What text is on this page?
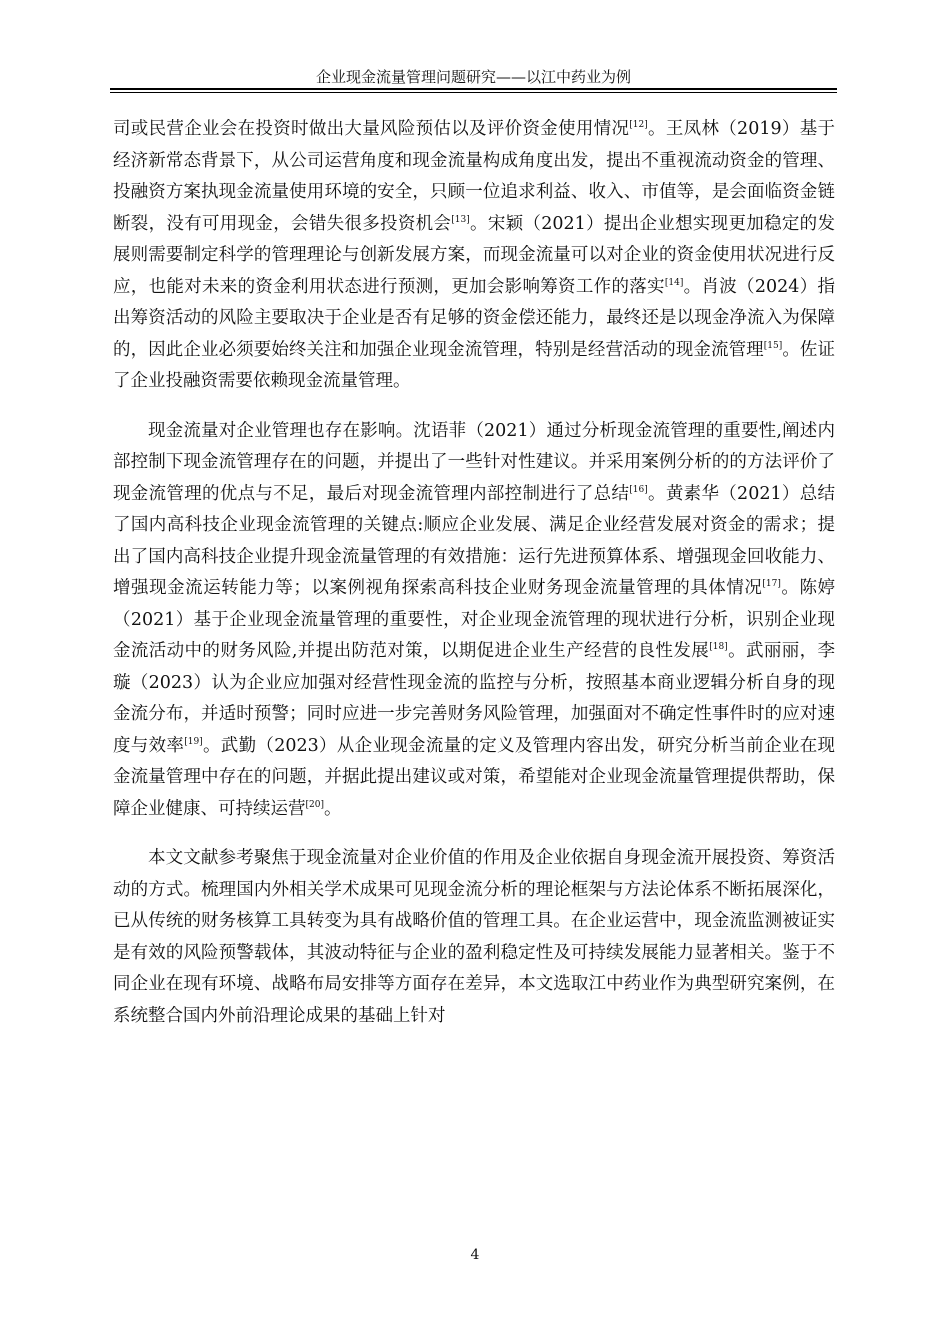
企业现金流量管理问题研究——以江中药业为例

司或民营企业会在投资时做出大量风险预估以及评价资金使用情况[12]。王凤林（2019）基于经济新常态背景下，从公司运营角度和现金流量构成角度出发，提出不重视流动资金的管理、投融资方案执现金流量使用环境的安全，只顾一位追求利益、收入、市值等，是会面临资金链断裂，没有可用现金，会错失很多投资机会[13]。宋颖（2021）提出企业想实现更加稳定的发展则需要制定科学的管理理论与创新发展方案，而现金流量可以对企业的资金使用状况进行反应，也能对未来的资金利用状态进行预测，更加会影响筹资工作的落实[14]。肖波（2024）指出筹资活动的风险主要取决于企业是否有足够的资金偿还能力，最终还是以现金净流入为保障的，因此企业必须要始终关注和加强企业现金流管理，特别是经营活动的现金流管理[15]。佐证了企业投融资需要依赖现金流量管理。

现金流量对企业管理也存在影响。沈语菲（2021）通过分析现金流管理的重要性,阐述内部控制下现金流管理存在的问题，并提出了一些针对性建议。并采用案例分析的的方法评价了现金流管理的优点与不足，最后对现金流管理内部控制进行了总结[16]。黄素华（2021）总结了国内高科技企业现金流管理的关键点:顺应企业发展、满足企业经营发展对资金的需求；提出了国内高科技企业提升现金流量管理的有效措施：运行先进预算体系、增强现金回收能力、增强现金流运转能力等；以案例视角探索高科技企业财务现金流量管理的具体情况[17]。陈婷（2021）基于企业现金流量管理的重要性，对企业现金流管理的现状进行分析，识别企业现金流活动中的财务风险,并提出防范对策，以期促进企业生产经营的良性发展[18]。武丽丽，李璇（2023）认为企业应加强对经营性现金流的监控与分析，按照基本商业逻辑分析自身的现金流分布，并适时预警；同时应进一步完善财务风险管理，加强面对不确定性事件时的应对速度与效率[19]。武勤（2023）从企业现金流量的定义及管理内容出发，研究分析当前企业在现金流量管理中存在的问题，并据此提出建议或对策，希望能对企业现金流量管理提供帮助，保障企业健康、可持续运营[20]。

本文文献参考聚焦于现金流量对企业价值的作用及企业依据自身现金流开展投资、筹资活动的方式。梳理国内外相关学术成果可见现金流分析的理论框架与方法论体系不断拓展深化，已从传统的财务核算工具转变为具有战略价值的管理工具。在企业运营中，现金流监测被证实是有效的风险预警载体，其波动特征与企业的盈利稳定性及可持续发展能力显著相关。鉴于不同企业在现有环境、战略布局安排等方面存在差异，本文选取江中药业作为典型研究案例，在系统整合国内外前沿理论成果的基础上针对

4
